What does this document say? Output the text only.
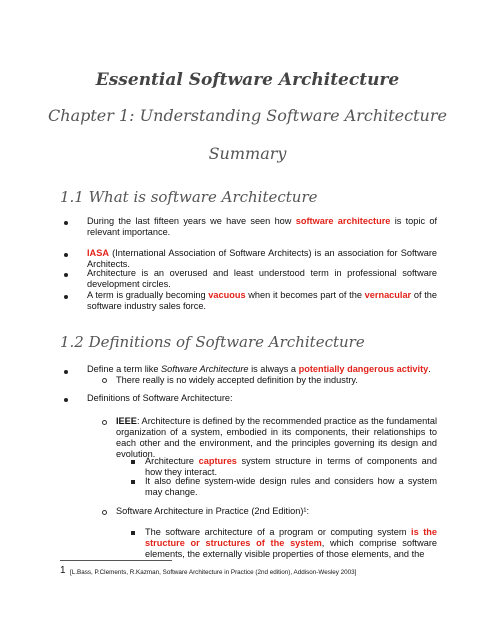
Essential Software Architecture
Chapter 1: Understanding Software Architecture
Summary
1.1 What is software Architecture
During the last fifteen years we have seen how software architecture is topic of relevant importance.
IASA (International Association of Software Architects) is an association for Software Architects.
Architecture is an overused and least understood term in professional software development circles.
A term is gradually becoming vacuous when it becomes part of the vernacular of the software industry sales force.
1.2 Definitions of Software Architecture
Define a term like Software Architecture is always a potentially dangerous activity.
There really is no widely accepted definition by the industry.
Definitions of Software Architecture:
IEEE: Architecture is defined by the recommended practice as the fundamental organization of a system, embodied in its components, their relationships to each other and the environment, and the principles governing its design and evolution.
Architecture captures system structure in terms of components and how they interact.
It also define system-wide design rules and considers how a system may change.
Software Architecture in Practice (2nd Edition)¹:
The software architecture of a program or computing system is the structure or structures of the system, which comprise software elements, the externally visible properties of those elements, and the
1 [L.Bass, P.Clements, R.Kazman, Software Architecture in Practice (2nd edition), Addison-Wesley 2003]
